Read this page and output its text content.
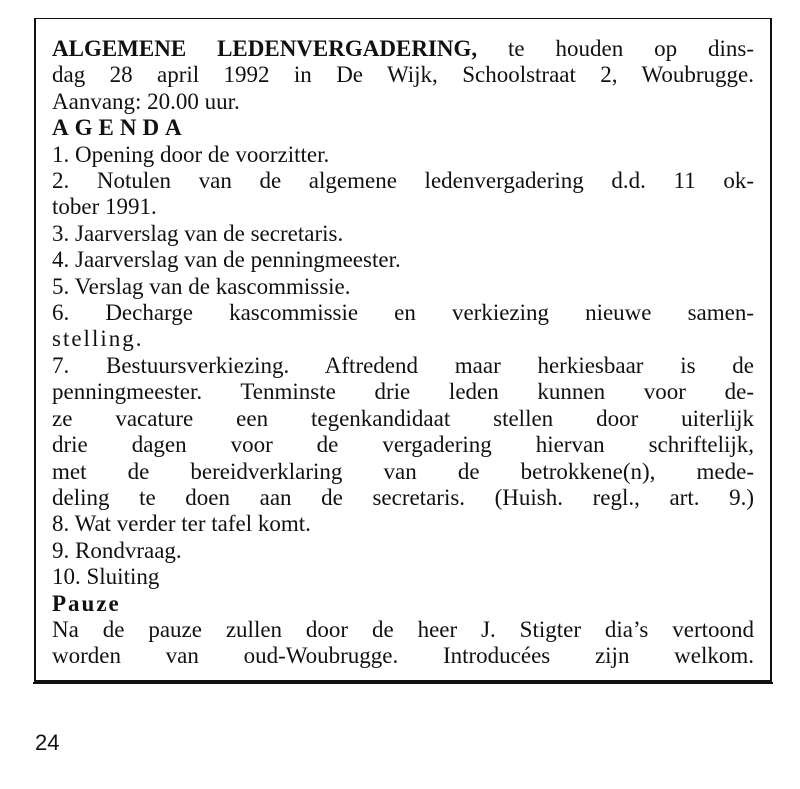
ALGEMENE LEDENVERGADERING, te houden op dins-
dag 28 april 1992 in De Wijk, Schoolstraat 2, Woubrugge.
Aanvang: 20.00 uur.
AGENDA
1. Opening door de voorzitter.
2. Notulen van de algemene ledenvergadering d.d. 11 ok-
tober 1991.
3. Jaarverslag van de secretaris.
4. Jaarverslag van de penningmeester.
5. Verslag van de kascommissie.
6. Decharge kascommissie en verkiezing nieuwe samen-
stelling.
7. Bestuursverkiezing. Aftredend maar herkiesbaar is de
penningmeester. Tenminste drie leden kunnen voor de-
ze vacature een tegenkandidaat stellen door uiterlijk
drie dagen voor de vergadering hiervan schriftelijk,
met de bereidverklaring van de betrokkene(n), mede-
deling te doen aan de secretaris. (Huish. regl., art. 9.)
8. Wat verder ter tafel komt.
9. Rondvraag.
10. Sluiting
Pauze
Na de pauze zullen door de heer J. Stigter dia’s vertoond
worden van oud-Woubrugge. Introducées zijn welkom.
24
